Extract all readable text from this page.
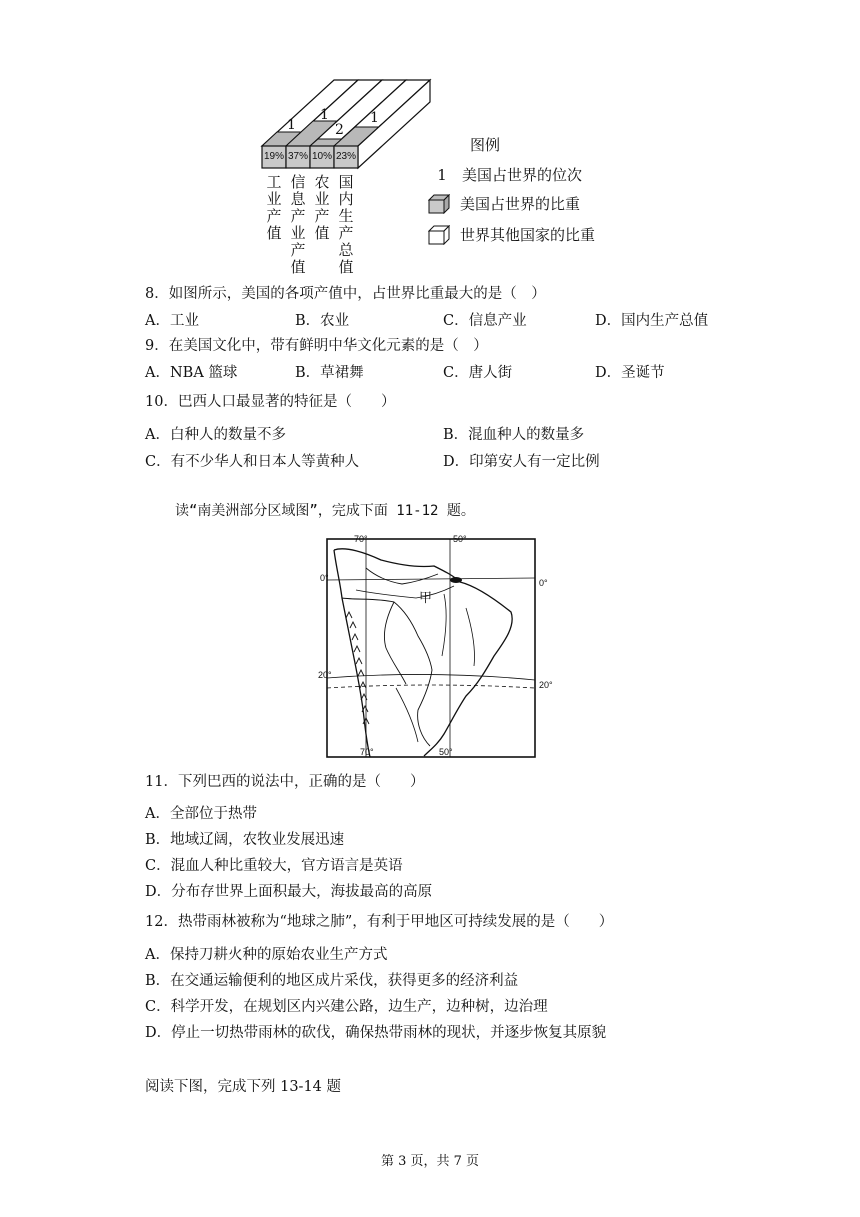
1
1
2
1
19% 37% 10% 23%
工业产值
信息产业产值
农业产值
国内生产总值
图例
1	美国占世界的位次
美国占世界的比重
世界其他国家的比重
8．如图所示，美国的各项产值中，占世界比重最大的是（　）
A．工业	B．农业	C．信息产业	D．国内生产总值
9．在美国文化中，带有鲜明中华文化元素的是（　）
A．NBA 篮球	B．草裙舞	C．唐人街	D．圣诞节
10．巴西人口最显著的特征是（　　）
A．白种人的数量不多	B．混血种人的数量多
C．有不少华人和日本人等黄种人	D．印第安人有一定比例
读“南美洲部分区域图”，完成下面 11-12 题。
70°	50°
70°	50°
0°	0°
20°
20°
甲
11．下列巴西的说法中，正确的是（　　）
A．全部位于热带
B．地域辽阔，农牧业发展迅速
C．混血人种比重较大，官方语言是英语
D．分布存世界上面积最大，海拔最高的高原
12．热带雨林被称为“地球之肺”，有利于甲地区可持续发展的是（　　）
A．保持刀耕火种的原始农业生产方式
B．在交通运输便利的地区成片采伐，获得更多的经济利益
C．科学开发，在规划区内兴建公路，边生产，边种树，边治理
D．停止一切热带雨林的砍伐，确保热带雨林的现状，并逐步恢复其原貌
阅读下图，完成下列 13-14 题
第 3 页，共 7 页
